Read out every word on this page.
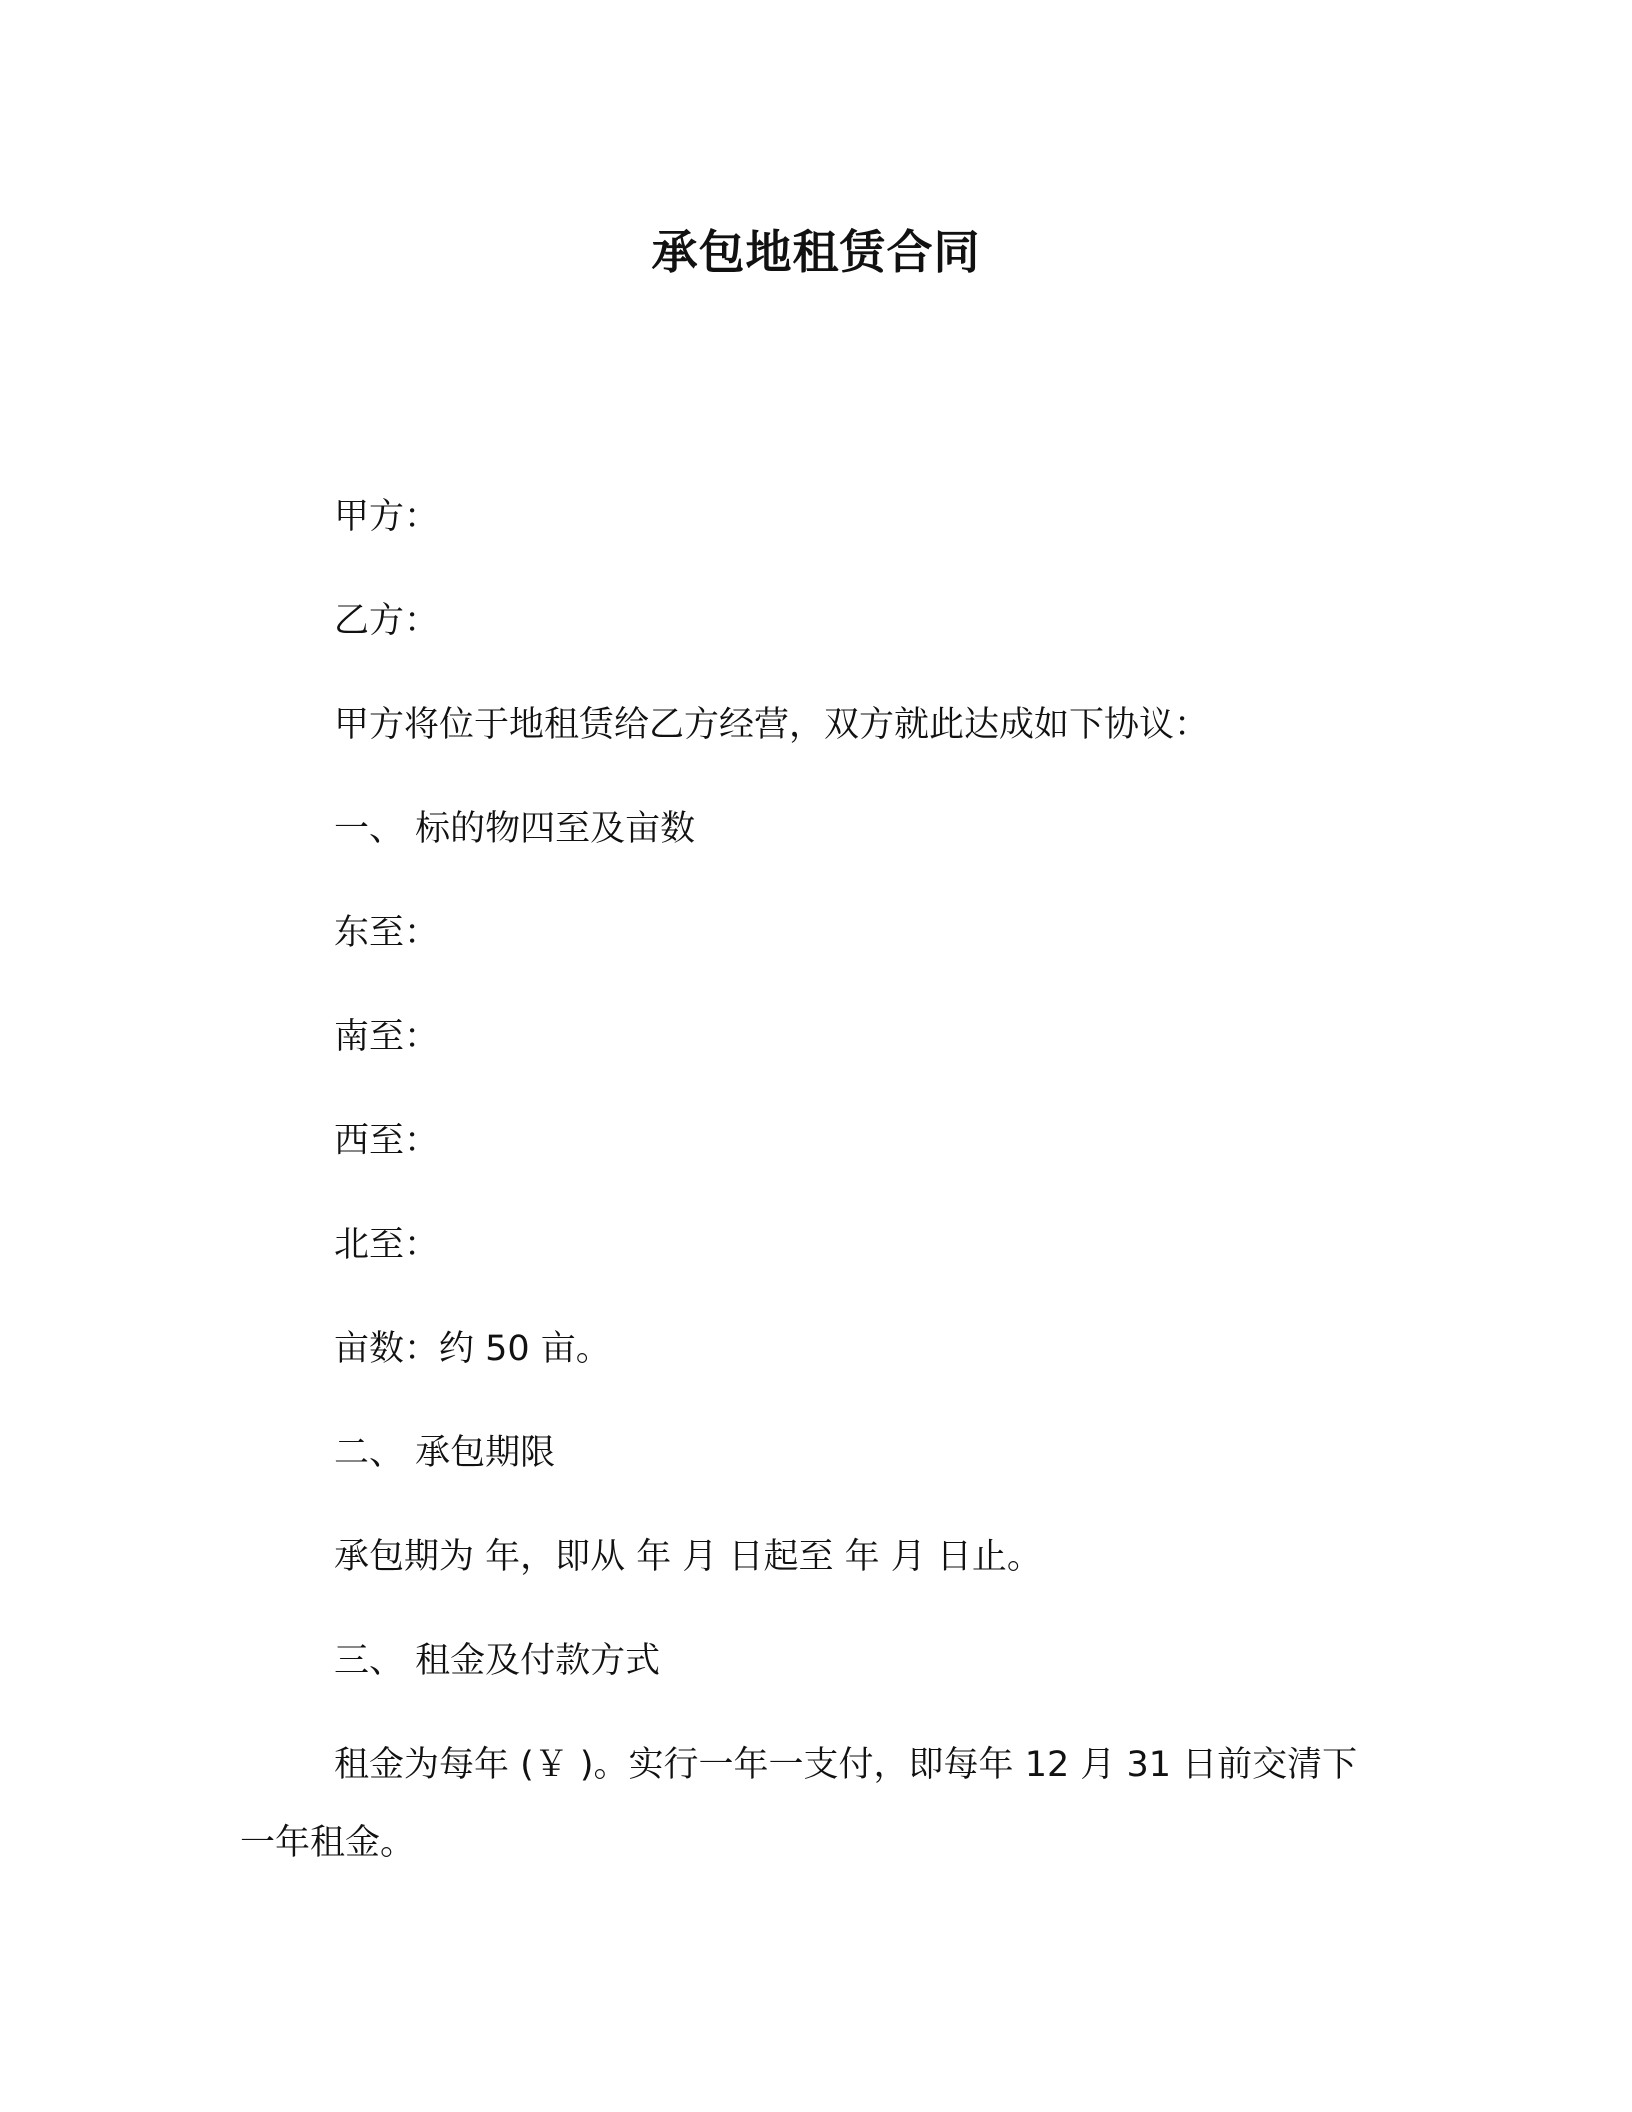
承包地租赁合同

甲方：

乙方：

甲方将位于地租赁给乙方经营，双方就此达成如下协议：

一、 标的物四至及亩数

东至：

南至：

西至：

北至：

亩数：约 50 亩。

二、 承包期限

承包期为 年，即从 年 月 日起至 年 月 日止。

三、 租金及付款方式

租金为每年 (￥ )。实行一年一支付，即每年 12 月 31 日前交清下一年租金。
